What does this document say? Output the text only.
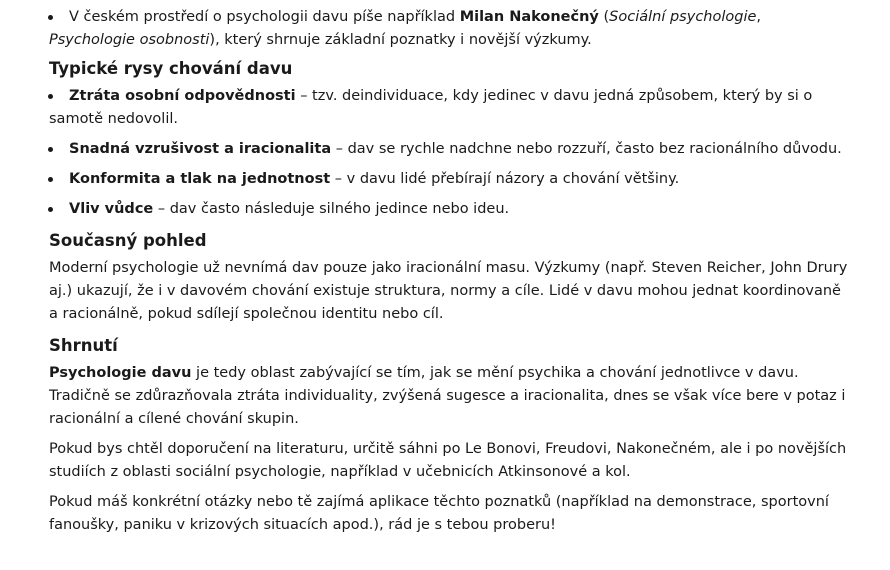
V českém prostředí o psychologii davu píše například Milan Nakonečný (Sociální psychologie, Psychologie osobnosti), který shrnuje základní poznatky i novější výzkumy.
Typické rysy chování davu
Ztráta osobní odpovědnosti – tzv. deindividuace, kdy jedinec v davu jedná způsobem, který by si o samotě nedovolil.
Snadná vzrušivost a iracionalita – dav se rychle nadchne nebo rozzuří, často bez racionálního důvodu.
Konformita a tlak na jednotnost – v davu lidé přebírají názory a chování většiny.
Vliv vůdce – dav často následuje silného jedince nebo ideu.
Současný pohled

Moderní psychologie už nevnímá dav pouze jako iracionální masu. Výzkumy (např. Steven Reicher, John Drury aj.) ukazují, že i v davovém chování existuje struktura, normy a cíle. Lidé v davu mohou jednat koordinovaně a racionálně, pokud sdílejí společnou identitu nebo cíl.

Shrnutí

Psychologie davu je tedy oblast zabývající se tím, jak se mění psychika a chování jednotlivce v davu. Tradičně se zdůrazňovala ztráta individuality, zvýšená sugesce a iracionalita, dnes se však více bere v potaz i racionální a cílené chování skupin.

Pokud bys chtěl doporučení na literaturu, určitě sáhni po Le Bonovi, Freudovi, Nakonečném, ale i po novějších studiích z oblasti sociální psychologie, například v učebnicích Atkinsonové a kol.

Pokud máš konkrétní otázky nebo tě zajímá aplikace těchto poznatků (například na demonstrace, sportovní fanoušky, paniku v krizových situacích apod.), rád je s tebou proberu!
